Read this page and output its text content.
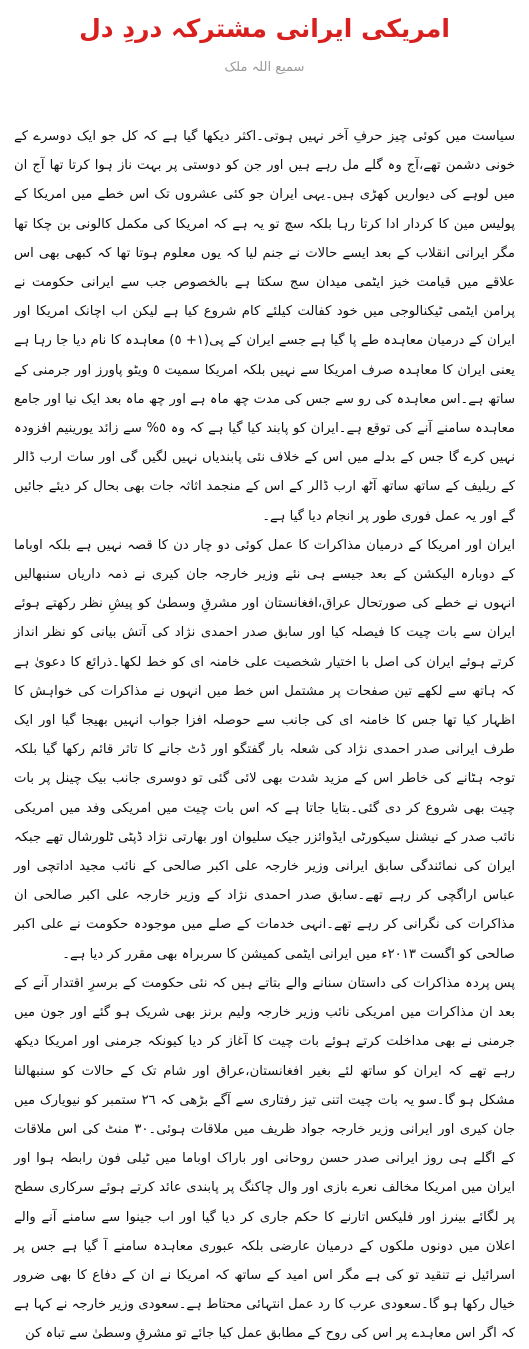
امریکی ایرانی مشترکہ دردِ دل
سمیع اللہ ملک

سیاست میں کوئی چیز حرفِ آخر نہیں ہوتی۔اکثر دیکھا گیا ہے کہ کل جو ایک دوسرے کے خونی دشمن تھے،آج وہ گلے مل رہے ہیں اور جن کو دوستی پر بہت ناز ہوا کرتا تھا آج ان میں لوہے کی دیواریں کھڑی ہیں۔یہی ایران جو کئی عشروں تک اس خطے میں امریکا کے پولیس مین کا کردار ادا کرتا رہا بلکہ سچ تو یہ ہے کہ امریکا کی مکمل کالونی بن چکا تھا مگر ایرانی انقلاب کے بعد ایسے حالات نے جنم لیا کہ یوں معلوم ہوتا تھا کہ کبھی بھی اس علاقے میں قیامت خیز ایٹمی میدان سج سکتا ہے بالخصوص جب سے ایرانی حکومت نے پرامن ایٹمی ٹیکنالوجی میں خود کفالت کیلئے کام شروع کیا ہے لیکن اب اچانک امریکا اور ایران کے درمیان معاہدہ طے پا گیا ہے جسے ایران کے پی(١+ ٥) معاہدہ کا نام دیا جا رہا ہے یعنی ایران کا معاہدہ صرف امریکا سے نہیں بلکہ امریکا سمیت ٥ ویٹو پاورز اور جرمنی کے ساتھ ہے۔اس معاہدہ کی رو سے جس کی مدت چھ ماہ ہے اور چھ ماہ بعد ایک نیا اور جامع معاہدہ سامنے آنے کی توقع ہے۔ایران کو پابند کیا گیا ہے کہ وہ ٥% سے زائد یورینیم افزودہ نہیں کرے گا جس کے بدلے میں اس کے خلاف نئی پابندیاں نہیں لگیں گی اور سات ارب ڈالر کے ریلیف کے ساتھ ساتھ آٹھ ارب ڈالر کے اس کے منجمد اثاثہ جات بھی بحال کر دیئے جائیں گے اور یہ عمل فوری طور پر انجام دیا گیا ہے۔

ایران اور امریکا کے درمیان مذاکرات کا عمل کوئی دو چار دن کا قصہ نہیں ہے بلکہ اوباما کے دوبارہ الیکشن کے بعد جیسے ہی نئے وزیر خارجہ جان کیری نے ذمہ داریاں سنبھالیں انہوں نے خطے کی صورتحال عراق،افغانستان اور مشرقِ وسطیٰ کو پیشِ نظر رکھتے ہوئے ایران سے بات چیت کا فیصلہ کیا اور سابق صدر احمدی نژاد کی آتش بیانی کو نظر انداز کرتے ہوئے ایران کی اصل با اختیار شخصیت علی خامنہ ای کو خط لکھا۔ذرائع کا دعویٰ ہے کہ ہاتھ سے لکھے تین صفحات پر مشتمل اس خط میں انہوں نے مذاکرات کی خواہش کا اظہار کیا تھا جس کا خامنہ ای کی جانب سے حوصلہ افزا جواب انہیں بھیجا گیا اور ایک طرف ایرانی صدر احمدی نژاد کی شعلہ بار گفتگو اور ڈٹ جانے کا تاثر قائم رکھا گیا بلکہ توجہ ہٹانے کی خاطر اس کے مزید شدت بھی لائی گئی تو دوسری جانب بیک چینل پر بات چیت بھی شروع کر دی گئی۔بتایا جاتا ہے کہ اس بات چیت میں امریکی وفد میں امریکی نائب صدر کے نیشنل سیکورٹی ایڈوائزر جیک سلیوان اور بھارتی نژاد ڈپٹی ٹلورشال تھے جبکہ ایران کی نمائندگی سابق ایرانی وزیر خارجہ علی اکبر صالحی کے نائب مجید اداتچی اور عباس اراگچی کر رہے تھے۔سابق صدر احمدی نژاد کے وزیر خارجہ علی اکبر صالحی ان مذاکرات کی نگرانی کر رہے تھے۔انہی خدمات کے صلے میں موجودہ حکومت نے علی اکبر صالحی کو اگست ٢٠١٣ء میں ایرانی ایٹمی کمیشن کا سربراہ بھی مقرر کر دیا ہے۔

پس پردہ مذاکرات کی داستان سنانے والے بتاتے ہیں کہ نئی حکومت کے برسرِ اقتدار آنے کے بعد ان مذاکرات میں امریکی نائب وزیر خارجہ ولیم برنز بھی شریک ہو گئے اور جون میں جرمنی نے بھی مداخلت کرتے ہوئے بات چیت کا آغاز کر دیا کیونکہ جرمنی اور امریکا دیکھ رہے تھے کہ ایران کو ساتھ لئے بغیر افغانستان،عراق اور شام تک کے حالات کو سنبھالنا مشکل ہو گا۔سو یہ بات چیت اتنی تیز رفتاری سے آگے بڑھی کہ ٢٦ ستمبر کو نیویارک میں جان کیری اور ایرانی وزیر خارجہ جواد ظریف میں ملاقات ہوئی۔٣٠ منٹ کی اس ملاقات کے اگلے ہی روز ایرانی صدر حسن روحانی اور باراک اوباما میں ٹیلی فون رابطہ ہوا اور ایران میں امریکا مخالف نعرے بازی اور وال چاکنگ پر پابندی عائد کرتے ہوئے سرکاری سطح پر لگائے بینرز اور فلیکس اتارنے کا حکم جاری کر دیا گیا اور اب جینوا سے سامنے آنے والے اعلان میں دونوں ملکوں کے درمیان عارضی بلکہ عبوری معاہدہ سامنے آ گیا ہے جس پر اسرائیل نے تنقید تو کی ہے مگر اس امید کے ساتھ کہ امریکا نے ان کے دفاع کا بھی ضرور خیال رکھا ہو گا۔سعودی عرب کا رد عمل انتہائی محتاط ہے۔سعودی وزیر خارجہ نے کہا ہے کہ اگر اس معاہدے پر اس کی روح کے مطابق عمل کیا جائے تو مشرقِ وسطیٰ سے تباہ کن
